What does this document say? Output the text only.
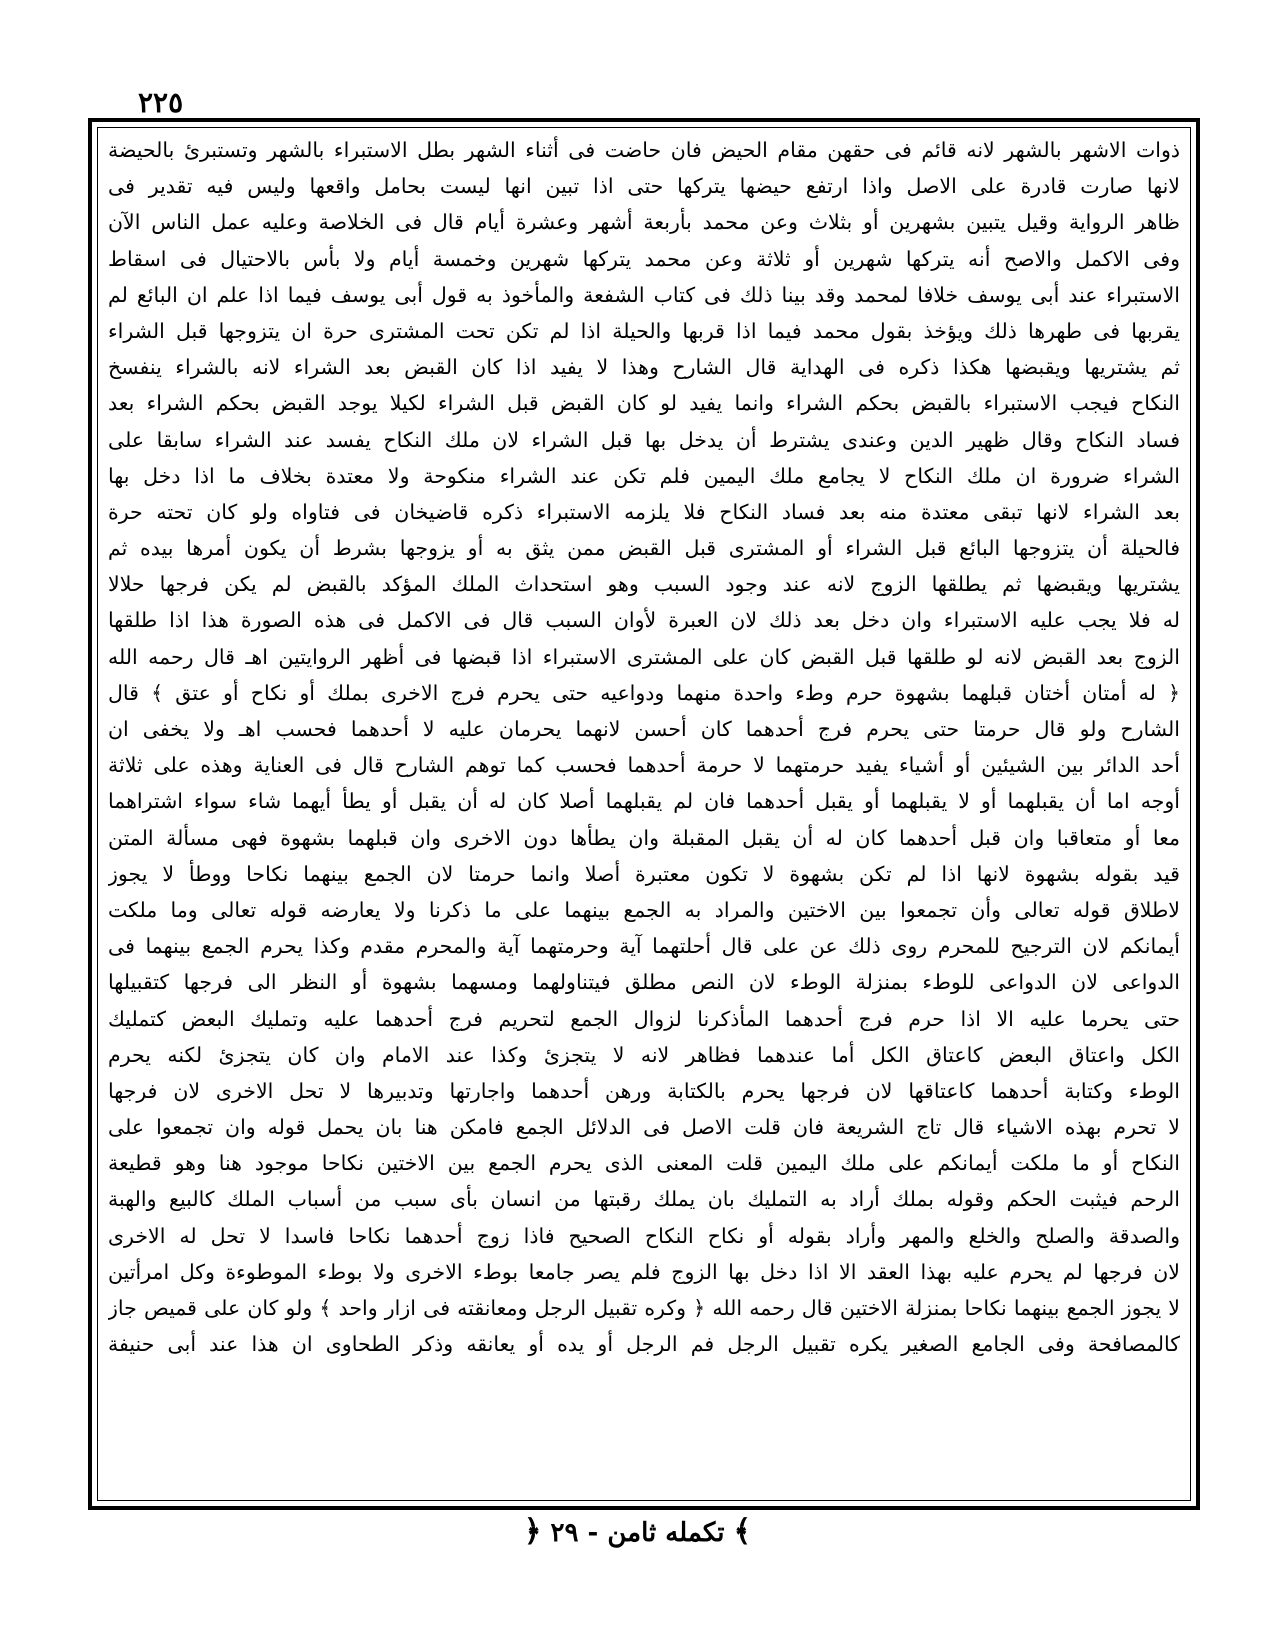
٢٢٥
ذوات الاشهر بالشهر لانه قائم فى حقهن مقام الحيض فان حاضت فى أثناء الشهر بطل الاستبراء بالشهر وتستبرئ بالحيضة
لانها صارت قادرة على الاصل واذا ارتفع حيضها يتركها حتى اذا تبين انها ليست بحامل واقعها وليس فيه تقدير فى
ظاهر الرواية وقيل يتبين بشهرين أو بثلاث وعن محمد بأربعة أشهر وعشرة أيام قال فى الخلاصة وعليه عمل الناس الآن
وفى الاكمل والاصح أنه يتركها شهرين أو ثلاثة وعن محمد يتركها شهرين وخمسة أيام ولا بأس بالاحتيال فى اسقاط
الاستبراء عند أبى يوسف خلافا لمحمد وقد بينا ذلك فى كتاب الشفعة والمأخوذ به قول أبى يوسف فيما اذا علم ان البائع لم
يقربها فى طهرها ذلك ويؤخذ بقول محمد فيما اذا قربها والحيلة اذا لم تكن تحت المشترى حرة ان يتزوجها قبل الشراء
ثم يشتريها ويقبضها هكذا ذكره فى الهداية قال الشارح وهذا لا يفيد اذا كان القبض بعد الشراء لانه بالشراء ينفسخ
النكاح فيجب الاستبراء بالقبض بحكم الشراء وانما يفيد لو كان القبض قبل الشراء لكيلا يوجد القبض بحكم الشراء بعد
فساد النكاح وقال ظهير الدين وعندى يشترط أن يدخل بها قبل الشراء لان ملك النكاح يفسد عند الشراء سابقا على
الشراء ضرورة ان ملك النكاح لا يجامع ملك اليمين فلم تكن عند الشراء منكوحة ولا معتدة بخلاف ما اذا دخل بها
بعد الشراء لانها تبقى معتدة منه بعد فساد النكاح فلا يلزمه الاستبراء ذكره قاضيخان فى فتاواه ولو كان تحته حرة
فالحيلة أن يتزوجها البائع قبل الشراء أو المشترى قبل القبض ممن يثق به أو يزوجها بشرط أن يكون أمرها بيده ثم
يشتريها ويقبضها ثم يطلقها الزوج لانه عند وجود السبب وهو استحداث الملك المؤكد بالقبض لم يكن فرجها حلالا
له فلا يجب عليه الاستبراء وان دخل بعد ذلك لان العبرة لأوان السبب قال فى الاكمل فى هذه الصورة هذا اذا طلقها
الزوج بعد القبض لانه لو طلقها قبل القبض كان على المشترى الاستبراء اذا قبضها فى أظهر الروايتين اهـ قال رحمه الله
﴿ له أمتان أختان قبلهما بشهوة حرم وطء واحدة منهما ودواعيه حتى يحرم فرج الاخرى بملك أو نكاح أو عتق ﴾ قال
الشارح ولو قال حرمتا حتى يحرم فرج أحدهما كان أحسن لانهما يحرمان عليه لا أحدهما فحسب اهـ ولا يخفى ان
أحد الدائر بين الشيئين أو أشياء يفيد حرمتهما لا حرمة أحدهما فحسب كما توهم الشارح قال فى العناية وهذه على ثلاثة
أوجه اما أن يقبلهما أو لا يقبلهما أو يقبل أحدهما فان لم يقبلهما أصلا كان له أن يقبل أو يطأ أيهما شاء سواء اشتراهما
معا أو متعاقبا وان قبل أحدهما كان له أن يقبل المقبلة وان يطأها دون الاخرى وان قبلهما بشهوة فهى مسألة المتن
قيد بقوله بشهوة لانها اذا لم تكن بشهوة لا تكون معتبرة أصلا وانما حرمتا لان الجمع بينهما نكاحا ووطأ لا يجوز
لاطلاق قوله تعالى وأن تجمعوا بين الاختين والمراد به الجمع بينهما على ما ذكرنا ولا يعارضه قوله تعالى وما ملكت
أيمانكم لان الترجيح للمحرم روى ذلك عن على قال أحلتهما آية وحرمتهما آية والمحرم مقدم وكذا يحرم الجمع بينهما فى
الدواعى لان الدواعى للوطء بمنزلة الوطء لان النص مطلق فيتناولهما ومسهما بشهوة أو النظر الى فرجها كتقبيلها
حتى يحرما عليه الا اذا حرم فرج أحدهما المأذكرنا لزوال الجمع لتحريم فرج أحدهما عليه وتمليك البعض كتمليك
الكل واعتاق البعض كاعتاق الكل أما عندهما فظاهر لانه لا يتجزئ وكذا عند الامام وان كان يتجزئ لكنه يحرم
الوطء وكتابة أحدهما كاعتاقها لان فرجها يحرم بالكتابة ورهن أحدهما واجارتها وتدبيرها لا تحل الاخرى لان فرجها
لا تحرم بهذه الاشياء قال تاج الشريعة فان قلت الاصل فى الدلائل الجمع فامكن هنا بان يحمل قوله وان تجمعوا على
النكاح أو ما ملكت أيمانكم على ملك اليمين قلت المعنى الذى يحرم الجمع بين الاختين نكاحا موجود هنا وهو قطيعة
الرحم فيثبت الحكم وقوله بملك أراد به التمليك بان يملك رقبتها من انسان بأى سبب من أسباب الملك كالبيع والهبة
والصدقة والصلح والخلع والمهر وأراد بقوله أو نكاح النكاح الصحيح فاذا زوج أحدهما نكاحا فاسدا لا تحل له الاخرى
لان فرجها لم يحرم عليه بهذا العقد الا اذا دخل بها الزوج فلم يصر جامعا بوطء الاخرى ولا بوطء الموطوءة وكل امرأتين
لا يجوز الجمع بينهما نكاحا بمنزلة الاختين قال رحمه الله ﴿ وكره تقبيل الرجل ومعانقته فى ازار واحد ﴾ ولو كان على قميص جاز
كالمصافحة وفى الجامع الصغير يكره تقبيل الرجل فم الرجل أو يده أو يعانقه وذكر الطحاوى ان هذا عند أبى حنيفة
﴾ تكمله ثامن - ٢٩ ﴿
